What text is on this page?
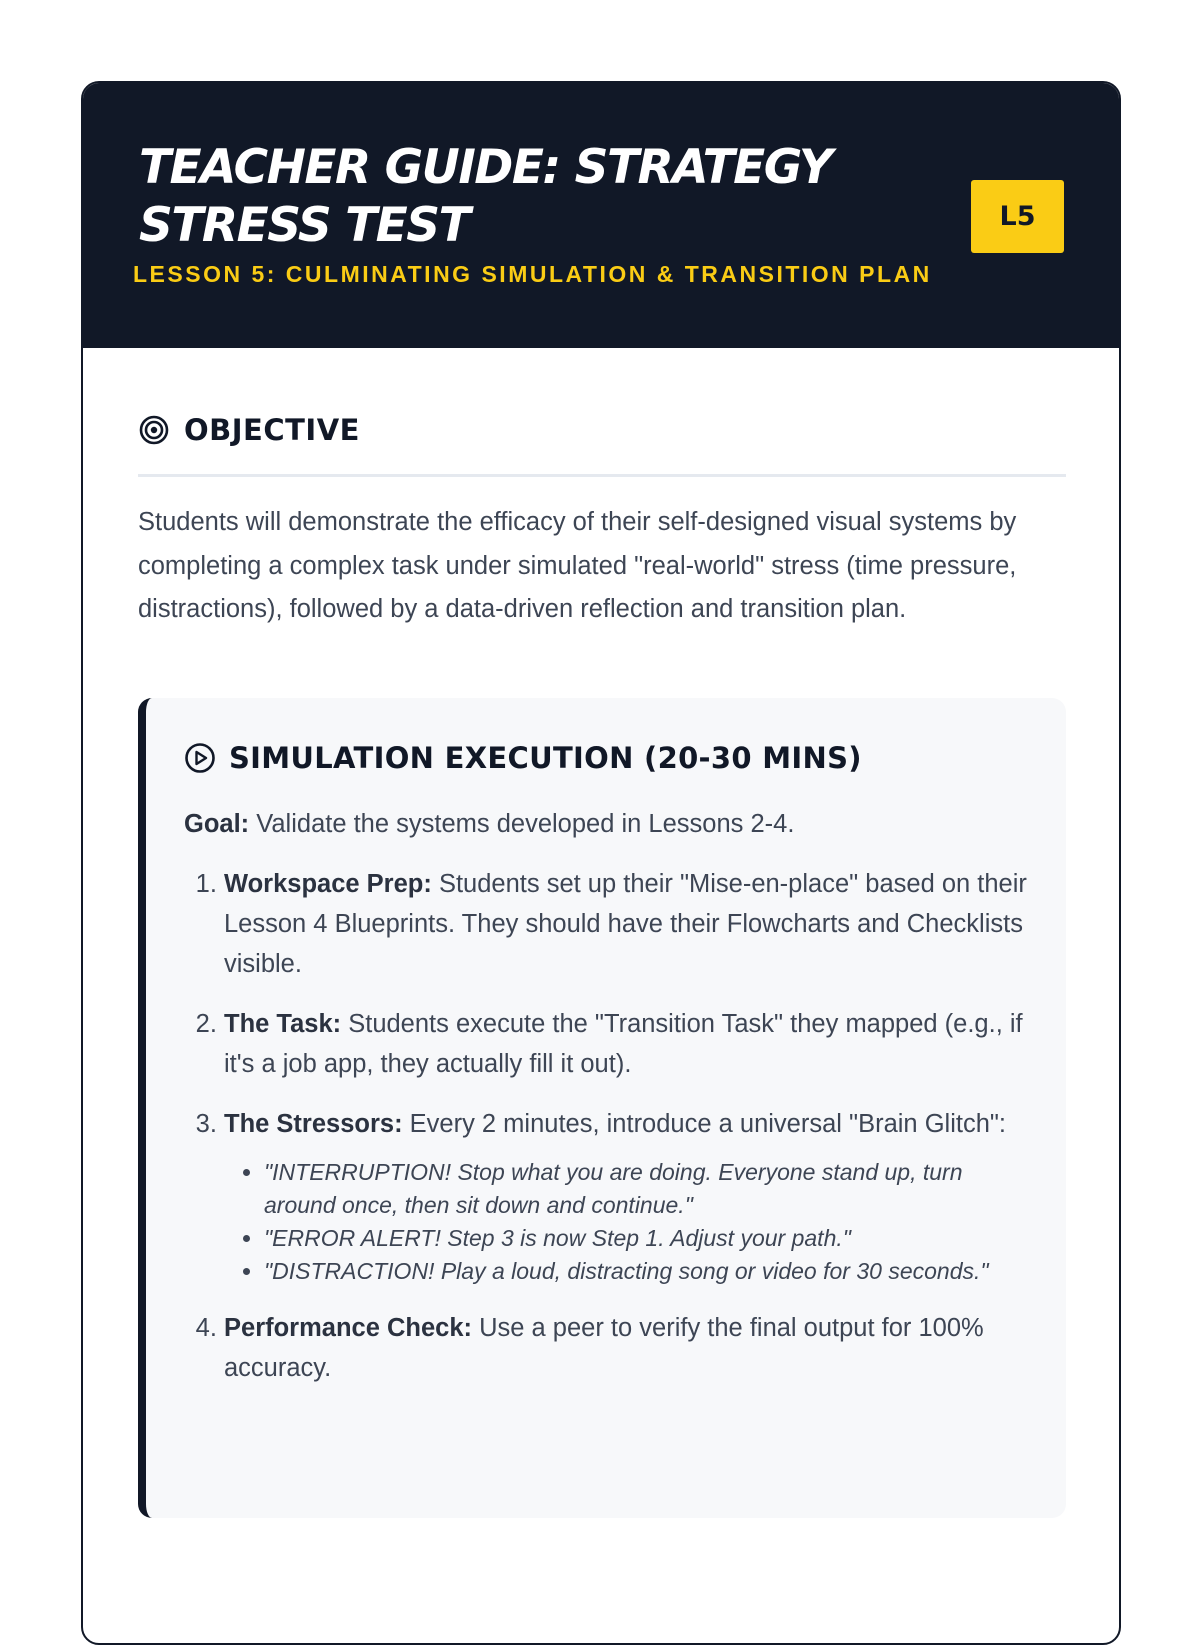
TEACHER GUIDE: STRATEGY STRESS TEST
LESSON 5: CULMINATING SIMULATION & TRANSITION PLAN
L5
OBJECTIVE

Students will demonstrate the efficacy of their self-designed visual systems by completing a complex task under simulated "real-world" stress (time pressure, distractions), followed by a data-driven reflection and transition plan.

SIMULATION EXECUTION (20-30 MINS)

Goal: Validate the systems developed in Lessons 2-4.

1. Workspace Prep: Students set up their "Mise-en-place" based on their Lesson 4 Blueprints. They should have their Flowcharts and Checklists visible.
2. The Task: Students execute the "Transition Task" they mapped (e.g., if it's a job app, they actually fill it out).
3. The Stressors: Every 2 minutes, introduce a universal "Brain Glitch":
• "INTERRUPTION! Stop what you are doing. Everyone stand up, turn around once, then sit down and continue."
• "ERROR ALERT! Step 3 is now Step 1. Adjust your path."
• "DISTRACTION! Play a loud, distracting song or video for 30 seconds."
4. Performance Check: Use a peer to verify the final output for 100% accuracy.
